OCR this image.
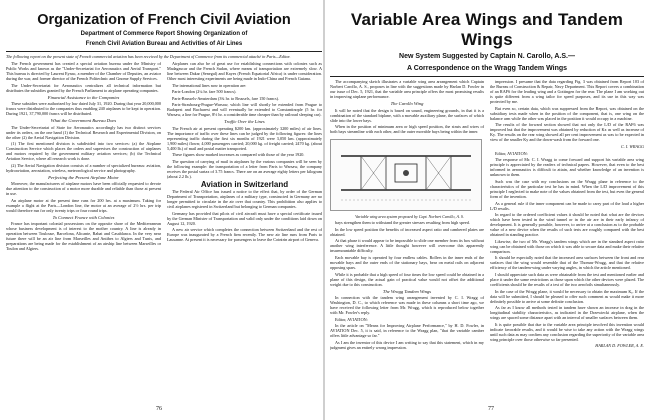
Organization of French Civil Aviation

Department of Commerce Report Showing Organization of

French Civil Aviation Bureau and Activities of Air Lines

The following report on the present state of French commercial aviation has been received by the Department of Commerce from its commercial attaché in Paris—Editor.

The French government has created a special aviation bureau under the Ministry of Public Works and known as the "Under-Secretariat for Aeronautics and Aerial Transport." This bureau is directed by Laurent Eynac, a member of the Chamber of Deputies, an aviator during the war, and former director of the French Politechnic and Gnome Supply Services.

The Under-Secretariat for Aeronautics centralizes all technical information but distributes the subsidies granted by the French Parliament to airplane operating companies.

Financial Assistance to the Companies

These subsidies were authorized by law dated July 31, 1920. During that year 20,000,000 francs were distributed to the companies thus enabling 240 airplanes to be kept in operation. During 1921, 37,790,000 francs will be distributed.

What the Government Bureau Does

The Under-Secretariat of State for Aeronautics accordingly has two distinct services under its orders, on the one hand (1) the Technical Research and Experimental Division, on the other (2) the Aerial Navigation Division.

(1) The first mentioned division is subdivided into two services: (a) the Airplane Construction Service which places the orders and supervises the construction of airplanes and motors required by the government military aviation services; (b) the Technical Aviation Service, where all research work is done.

(2) The Aerial Navigation division consists of a number of specialized bureaus: aviation, hydroaviation, aerostation, wireless, meteorological service and photography.

Perfecting the Present Airplane Motor

Moreover, the manufacturers of airplane motors have been officially requested to devote due attention to the construction of a motor more durable and reliable than those at present in use.

An airplane motor at the present time runs for 200 hrs. at a maximum. Taking for example a flight at the Paris—London line, the motor at an average of 2½ hrs. per trip would therefore run for only twenty trips or four round trips.

To Connect France with Colonies

France has important colonial possessions on the opposite shore of the Mediterranean whose business development is of interest to the mother country. A line is already in operation between Toulouse, Barcelona, Alicante, Rabat and Casablanca. In the very near future there will be an air line from Marseilles and Antibes to Algiers and Tunis, and preparations are being made for the establishment of an airship line between Marseilles or Toulon and Algiers.

Airplanes can also be of great use for establishing connections with colonies such as Madagascar and the French Sudan, where means of transportation are extremely slow. A line between Dakar (Senegal) and Kayes (French Equatorial Africa) is under consideration. Other most interesting experiments are being made in Indo-China and French Guiana.

The international lines now in operation are:

Paris-London (2¼ hr. fare 500 francs).

Paris-Brussels-Amsterdam (3¾ hr. to Brussels, fare 150 francs).

Paris-Strasbourg-Prague-Warsaw, which line will shortly be extended from Prague to Budapest and Bucharest and will eventually be extended to Constantinople (5 hr. for Warsaw, a line for Prague, 8½ hr. a considerable time cheaper than by railroad sleeping car).

Traffic Over the Lines

The French air at present operating $200 km. (approximately 3200 miles) of air lines. The importance of traffic over these lines can be judged by the following figures: the lines representing traffic during the first six months of 1921 were 3,050 km. (approximately 1,900 miles) flown; 4,000 passengers carried; 20,000 kg. of freight carried; 2470 kg. (about 5,400 lb.) of mail and postal matter transported.

These figures show marked increases as compared with those of the year 1920.

The question of carrying of mail in airplanes by the various companies will be seen by the following example: the transportation of a letter from Paris to Warsaw, the company receives the postal surtax of 3.75 francs. There are on an average eighty letters per kilogram (about 2.2 lb.).

Aviation in Switzerland

The Federal Air Office has issued a notice to the effect that, by order of the German Department of Transportation, airplanes of a military type, constructed in Germany are no longer permitted to circulate in the air over that country. This prohibition also applies to civil airplanes registered in Switzerland but belonging to German companies.

Germany has provided that pilots of civil aircraft must have a special certificate issued by the German Minister of Transportation and valid only under the conditions laid down on August 12, 1920.

A new air service which completes the connection between Switzerland and the rest of Europe was inaugurated by a French firm recently. The new air line runs from Paris to Lausanne. At present it is necessary for passengers to leave the Cointrin airport of Geneva.

76
Variable Area Wings and Tandem Wings

New System Suggested by Captain N. Carollo, A.S.—

A Correspondence on the Wragg Tandem Wings

The accompanying sketch illustrates a variable wing area arrangement which Captain Norbert Carollo, A. S., proposes in line with the suggestions made by Harlan D. Fowler in our issue of Dec. 5, 1921, that the variable area principle offers the most promising results in improving airplane performance.

The Carollo Wing

It will be noted that the design is based on sound, engineering grounds, in that it is a combination of the standard biplane, with a movable auxiliary plane, the surfaces of which slide into the lower bays.

When in the position of minimum area or high speed position, the struts and wires of both bays streamline with each other, and the outer movable bays being within the inner.

Variable wing area system proposed by Capt. Norbert Carollo, A. S.

bays strengthen them to withstand the greater stresses resulting from high speed.

In the low speed position the benefits of increased aspect ratio and cambered plates are obtained.

At that phase it would appear to be impossible to slide one member from its box without another wing interference. A little thought however will overcome this apparently insurmountable difficulty.

Each movable bay is operated by four endless cables. Rollers in the inner ends of the movable bays and the outer ends of the stationary bays, bear on metal rails on adjacent opposing spars.

While it is probable that a high speed of four times the low speed could be obtained in a plane of this design, the actual gain of practical value would not offset the additional weight due to this construction.

The Wragg Tandem Wings

In connection with the tandem wing arrangement invented by C. I. Wragg of Washington, D. C., to which reference was made in these columns a short time ago, we have received the following letter from Mr. Wragg, which is reproduced below together with Mr. Fowler's reply.

Editor, AVIATION:

In the article on "Means for Improving Airplane Performance," by H. D. Fowler, in AVIATION Dec. 5, it is said, in reference to the Wragg plan, "that the variable camber offers little advantage so far."

As I am the inventor of this device I am writing to say that this statement, which in my judgment gives an entirely wrong impression.

impression. I presume that the data regarding Fig. 3 was obtained from Report 103 of the Bureau of Construction & Repair, Navy Department. This Report covers a combination of an RAF6 for the leading wing and a Gottingen for the rear. The plane I am working out is quite different from a wing tailor for speed purposes, and its use in this way was protected by me.

But even so, certain data, which was suppressed from the Report, was obtained on the subsidiary tests made when in the position of the component, that is, one wing on the balance arm while the other was placed in the position it would occupy in a machine.

The results of the forward section showed that not only the L/D of the RAF6 was improved but that the improvement was obtained by reduction of Kx as well as increase of Ky. The results on the rear wing showed all per cent improvement as was to be expected in view of the smaller Ky and the down-wash from the forward one.

C. I. WRAGG

Editor, AVIATION:

The response of Mr. C. I. Wragg to come forward and support his variable area wing principle is appreciated by the readers of technical papers. However, that even to the best informed in aeronautics is difficult to attain, and whether knowledge of an invention is unknown to them.

Such was the case with my conclusions on the Wragg plane in reference to the characteristics of the particular test he has in mind. When the L/D improvement of this principle I neglected to make note of the values obtained from the test, but even the general form of the invention.

As a general rule if the inner component can be made to carry part of the load a higher L/D results.

In regard to the ordered coefficient values it should be noted that what are the devices which have been tested in the wind tunnel or in the air are in their early infancy of development. It is generally possible, however, to arrive at a conclusion as to the probable value of a new device when the results of such tests are roughly compared with the best obtained in standing practice.

Likewise, the two of Mr. Wragg's tandem wings which are in the standard aspect ratio wing can be obtained with those on which it was able to secure data and make their relative comparison.

It should be especially noted that the increased area surfaces between the front and rear surfaces that the wing would resemble that of the Thomas-Wragg, and that the relative efficiency of the tandem-wing under varying angles, in which the article mentioned.

I should appreciate such data as were obtainable from the test and mentioned earlier and place it under the same restrictions as those upon which the other devices were placed. The coefficients should be the results of a test of the two aerofoils simultaneously.

In the case of the Wragg plane, it would be necessary to obtain the maximum Kᵧ. If the data will be submitted, I should be pleased to offer such comment as would make it more definitely possible to arrive at some definite conclusion.

As far as I know all methods tested in tandem have shown an increase in drag in the longitudinal stability characteristics, as indicated in the Drzewiecki airplane, when the wings are spaced some distance apart with an interval of smaller surfaces between them.

It is quite possible that due to the variable area principle involved this invention would indicate favorable results, and it would be wise to take any action with the Wragg wings until such data as may confirm any conclusion regarding the superiority of the variable area wing principle over those otherwise so far presented.

HARLAN D. FOWLER, A. E.
77
